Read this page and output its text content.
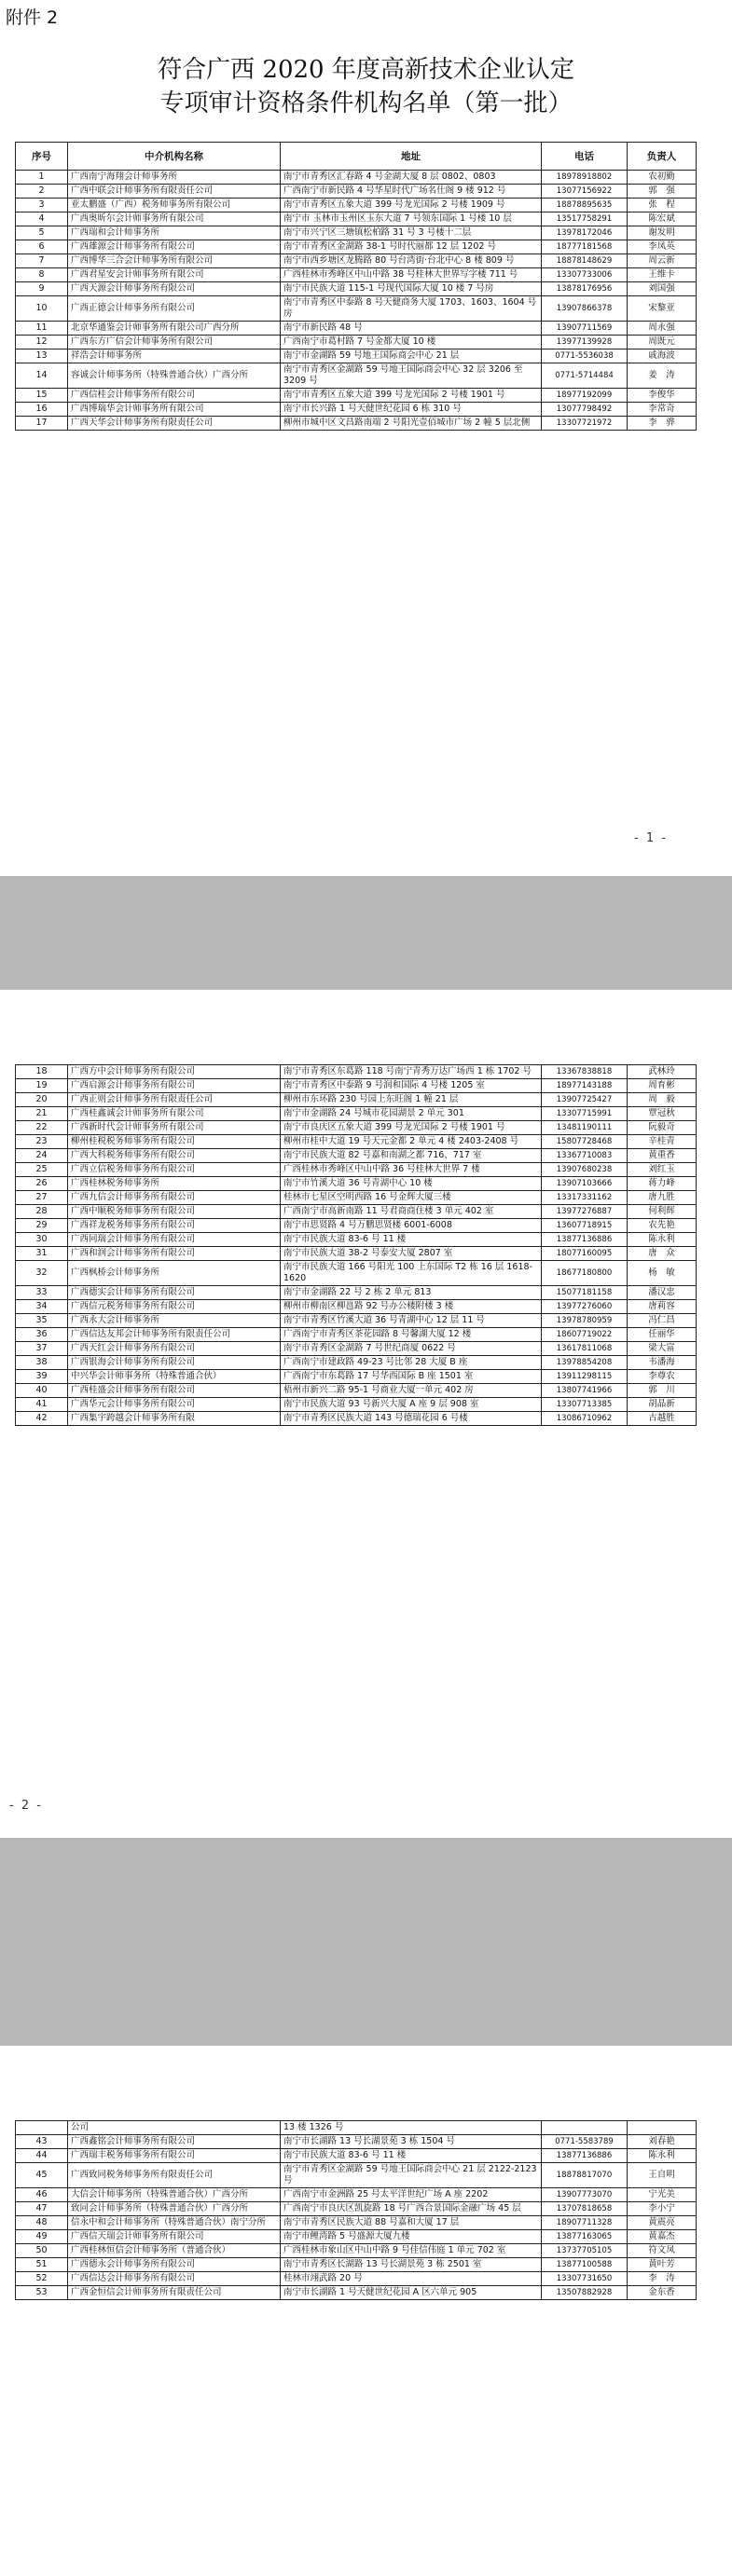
附件 2
符合广西 2020 年度高新技术企业认定
专项审计资格条件机构名单（第一批）
序号	中介机构名称	地址	电话	负责人
1	广西南宁海翔会计师事务所	南宁市青秀区汇春路 4 号金湖大厦 8 层 0802、0803	18978918802	农初勤
2	广西中联会计师事务所有限责任公司	广西南宁市新民路 4 号华星时代广场名仕阁 9 楼 912 号	13077156922	郭　强
3	亚太鹏盛（广西）税务师事务所有限公司	南宁市青秀区五象大道 399 号龙光国际 2 号楼 1909 号	18878895635	张　程
4	广西奥昕尔会计师事务所有限公司	南宁市 玉林市玉州区玉东大道 7 号领东国际 1 号楼 10 层	13517758291	陈宏斌
5	广西瑞和会计师事务所	南宁市兴宁区三塘镇松柏路 31 号 3 号楼十二层	13978172046	谢发明
6	广西雄源会计师事务所有限公司	南宁市青秀区金湖路 38-1 号时代丽都 12 层 1202 号	18777181568	李凤英
7	广西博华三合会计师事务所有限公司	南宁市西乡塘区龙腾路 80 号台湾街·台北中心 8 楼 809 号	18878148629	周云新
8	广西君星安会计师事务所有限公司	广西桂林市秀峰区中山中路 38 号桂林大世界写字楼 711 号	13307733006	王维卡
9	广西天源会计师事务所有限公司	南宁市民族大道 115-1 号现代国际大厦 10 楼 7 号房	13878176956	刘国强
10	广西正德会计师事务所有限公司	南宁市青秀区中泰路 8 号天健商务大厦 1703、1603、1604 号房	13907866378	宋黎亚
11	北京华通鉴会计师事务所有限公司广西分所	南宁市新民路 48 号	13907711569	周永强
12	广西东方广信会计师事务所有限公司	广西南宁市葛村路 7 号金都大厦 10 楼	13977139928	周既元
13	祥浩会计师事务所	南宁市金湖路 59 号地王国际商会中心 21 层	0771-5536038	戚海波
14	容诚会计师事务所（特殊普通合伙）广西分所	南宁市青秀区金湖路 59 号地王国际商会中心 32 层 3206 至 3209 号	0771-5714484	姜　涛
15	广西信桂会计师事务所有限公司	南宁市青秀区五象大道 399 号龙光国际 2 号楼 1901 号	18977192099	李俊华
16	广西博瑞华会计师事务所有限公司	南宁市长兴路 1 号天健世纪花园 6 栋 310 号	13077798492	李常奇
17	广西天华会计师事务所有限责任公司	柳州市城中区文昌路南端 2 号阳光壹佰城市广场 2 幢 5 层北侧	13307721972	李　骅
- 1 -
18	广西方中会计师事务所有限公司	南宁市青秀区东葛路 118 号南宁青秀万达广场西 1 栋 1702 号	13367838818	武林玲
19	广西启源会计师事务所有限公司	南宁市青秀区中泰路 9 号润和国际 4 号楼 1205 室	18977143188	周育彬
20	广西正则会计师事务所有限责任公司	柳州市东环路 230 号园上东旺阁 1 幢 21 层	13907725427	周　毅
21	广西桂鑫诚会计师事务所有限公司	南宁市金湖路 24 号城市花园湖景 2 单元 301	13307715991	覃冠秋
22	广西新时代会计师事务所有限公司	南宁市良庆区五象大道 399 号龙光国际 2 号楼 1901 号	13481190111	阮毅奇
23	柳州桂税税务师事务所有限公司	柳州市桂中大道 19 号天元金都 2 单元 4 楼 2403-2408 号	15807728468	辛桂青
24	广西大科税务师事务所有限公司	南宁市民族大道 82 号嘉和南湖之都 716、717 室	13367710083	黄重香
25	广西立信税务师事务所有限公司	广西桂林市秀峰区中山中路 36 号桂林大世界 7 楼	13907680238	刘红玉
26	广西桂林税务师事务所	南宁市竹溪大道 36 号青湖中心 10 楼	13907103666	蒋力峰
27	广西九信会计师事务所有限公司	桂林市七星区空明西路 16 号金辉大厦三楼	13317331162	唐九胜
28	广西中顺税务师事务所有限公司	广西南宁市高新南路 11 号君商商住楼 3 单元 402 室	13977276887	何利辉
29	广西祥龙税务师事务所有限公司	南宁市思贤路 4 号万鹏思贤楼 6001-6008	13607718915	农先艳
30	广西同瑞会计师事务所有限公司	南宁市民族大道 83-6 号 11 楼	13877136886	陈永利
31	广西和润会计师事务所有限公司	南宁市民族大道 38-2 号泰安大厦 2807 室	18077160095	唐　众
32	广西枫桥会计师事务所	南宁市民族大道 166 号阳光 100 上东国际 T2 栋 16 层 1618-1620	18677180800	杨　敏
33	广西德实会计师事务所有限公司	南宁市金湖路 22 号 2 栋 2 单元 813	15077181158	潘汉忠
34	广西信元税务师事务所有限公司	柳州市柳南区柳邕路 92 号办公楼附楼 3 楼	13977276060	唐莉容
35	广西永大会计师事务所	南宁市青秀区竹溪大道 36 号青湖中心 12 层 11 号	13978780959	冯仁昌
36	广西信达友邦会计师事务所有限责任公司	广西南宁市青秀区茶花园路 8 号馨湖大厦 12 楼	18607719022	任丽华
37	广西天红会计师事务所有限公司	南宁市青秀区金湖路 7 号世纪商厦 0622 号	13617811068	梁大富
38	广西银海会计师事务所有限公司	广西南宁市建政路 49-23 号比邻 28 大厦 B 座	13978854208	韦潘海
39	中兴华会计师事务所（特殊普通合伙）	广西南宁市东葛路 17 号华西国际 B 座 1501 室	13911298115	李尊农
40	广西桂盛会计师事务所有限公司	梧州市新兴二路 95-1 号商业大厦一单元 402 房	13807741966	郭　川
41	广西华元会计师事务所有限公司	南宁市民族大道 93 号新兴大厦 A 座 9 层 908 室	13307713385	胡晶新
42	广西集宇跨越会计师事务所有限	南宁市青秀区民族大道 143 号德瑞花园 6 号楼	13086710962	古越胜
- 2 -
	公司	13 楼 1326 号		
43	广西鑫铭会计师事务所有限公司	南宁市长湖路 13 号长湖景苑 3 栋 1504 号	0771-5583789	刘春艳
44	广西瑞丰税务师事务所有限公司	南宁市民族大道 83-6 号 11 楼	13877136886	陈永利
45	广西致同税务师事务所有限责任公司	南宁市青秀区金湖路 59 号地王国际商会中心 21 层 2122-2123 号	18878817070	王自明
46	大信会计师事务所（特殊普通合伙）广西分所	广西南宁市金洲路 25 号太平洋世纪广场 A 座 2202	13907773070	宁光美
47	致同会计师事务所（特殊普通合伙）广西分所	广西南宁市良庆区凯旋路 18 号广西合景国际金融广场 45 层	13707818658	李小宁
48	信永中和会计师事务所（特殊普通合伙）南宁分所	南宁市青秀区民族大道 88 号嘉和大厦 17 层	18907711328	黄震亮
49	广西信天瑞会计师事务所有限公司	南宁市鲤湾路 5 号盛源大厦九楼	13877163065	黄嘉杰
50	广西桂林恒信会计师事务所（普通合伙）	广西桂林市象山区中山中路 9 号佳信伟庭 1 单元 702 室	13737705105	符文凤
51	广西德永会计师事务所有限公司	南宁市青秀区长湖路 13 号长湖景苑 3 栋 2501 室	13877100588	黄叶芳
52	广西信达会计师事务所有限公司	桂林市翊武路 20 号	13307731650	李　涛
53	广西金恒信会计师事务所有限责任公司	南宁市长湖路 1 号天健世纪花园 A 区六单元 905	13507882928	金东香
